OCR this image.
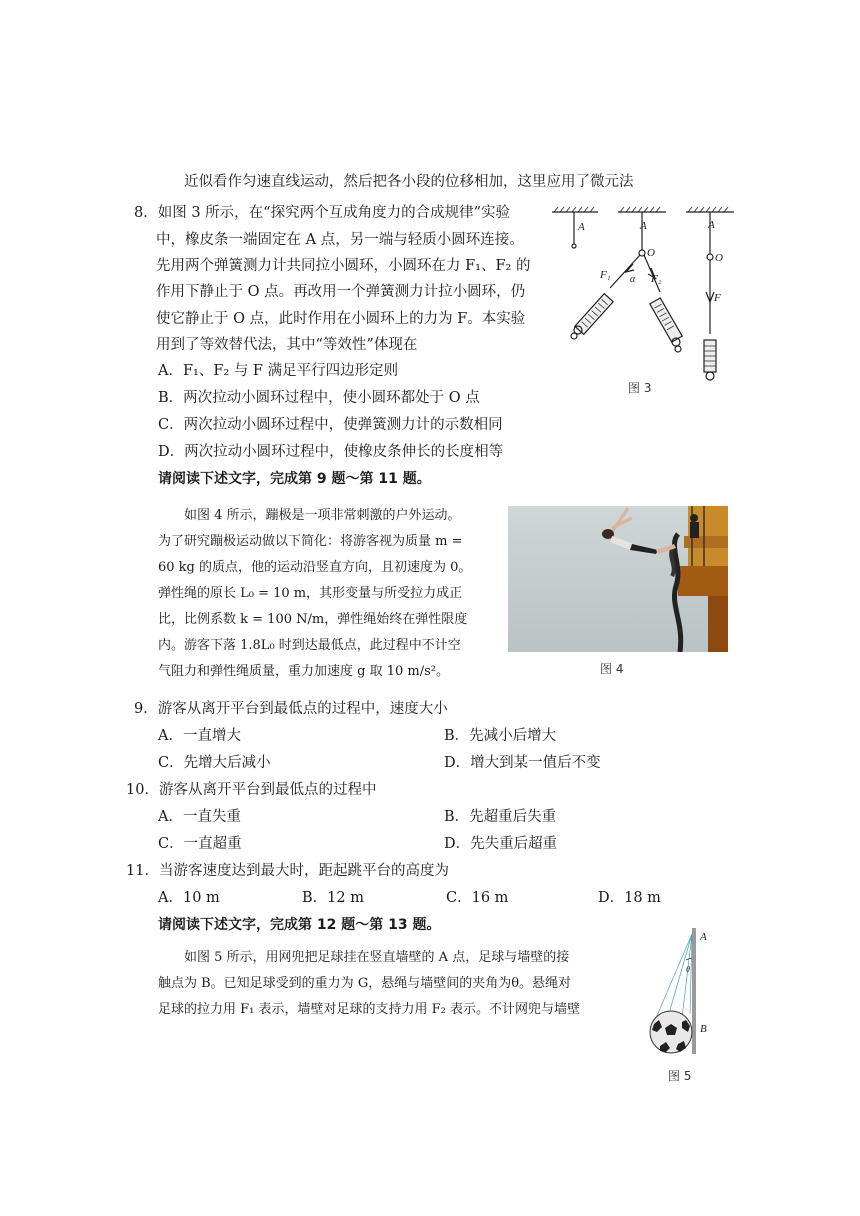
近似看作匀速直线运动，然后把各小段的位移相加，这里应用了微元法
8．如图 3 所示，在“探究两个互成角度力的合成规律”实验
中，橡皮条一端固定在 A 点，另一端与轻质小圆环连接。
先用两个弹簧测力计共同拉小圆环，小圆环在力 F₁、F₂ 的
作用下静止于 O 点。再改用一个弹簧测力计拉小圆环，仍
使它静止于 O 点，此时作用在小圆环上的力为 F。本实验
用到了等效替代法，其中“等效性”体现在
A．F₁、F₂ 与 F 满足平行四边形定则
B．两次拉动小圆环过程中，使小圆环都处于 O 点
C．两次拉动小圆环过程中，使弹簧测力计的示数相同
D．两次拉动小圆环过程中，使橡皮条伸长的长度相等
A	A	A
O	O
F₁	F₂
α
F
图 3
请阅读下述文字，完成第 9 题～第 11 题。
如图 4 所示，蹦极是一项非常刺激的户外运动。
为了研究蹦极运动做以下简化：将游客视为质量 m =
60 kg 的质点，他的运动沿竖直方向，且初速度为 0。
弹性绳的原长 L₀ = 10 m，其形变量与所受拉力成正
比，比例系数 k = 100 N/m，弹性绳始终在弹性限度
内。游客下落 1.8L₀ 时到达最低点，此过程中不计空
气阻力和弹性绳质量，重力加速度 g 取 10 m/s²。	图 4
9．游客从离开平台到最低点的过程中，速度大小
A．一直增大	B．先减小后增大
C．先增大后减小	D．增大到某一值后不变
10．游客从离开平台到最低点的过程中
A．一直失重	B．先超重后失重
C．一直超重	D．先失重后超重
11．当游客速度达到最大时，距起跳平台的高度为
A．10 m	B．12 m	C．16 m	D．18 m
请阅读下述文字，完成第 12 题～第 13 题。
如图 5 所示，用网兜把足球挂在竖直墙壁的 A 点，足球与墙壁的接
触点为 B。已知足球受到的重力为 G，悬绳与墙壁间的夹角为θ。悬绳对
足球的拉力用 F₁ 表示，墙壁对足球的支持力用 F₂ 表示。不计网兜与墙壁
A
B
θ
图 5
